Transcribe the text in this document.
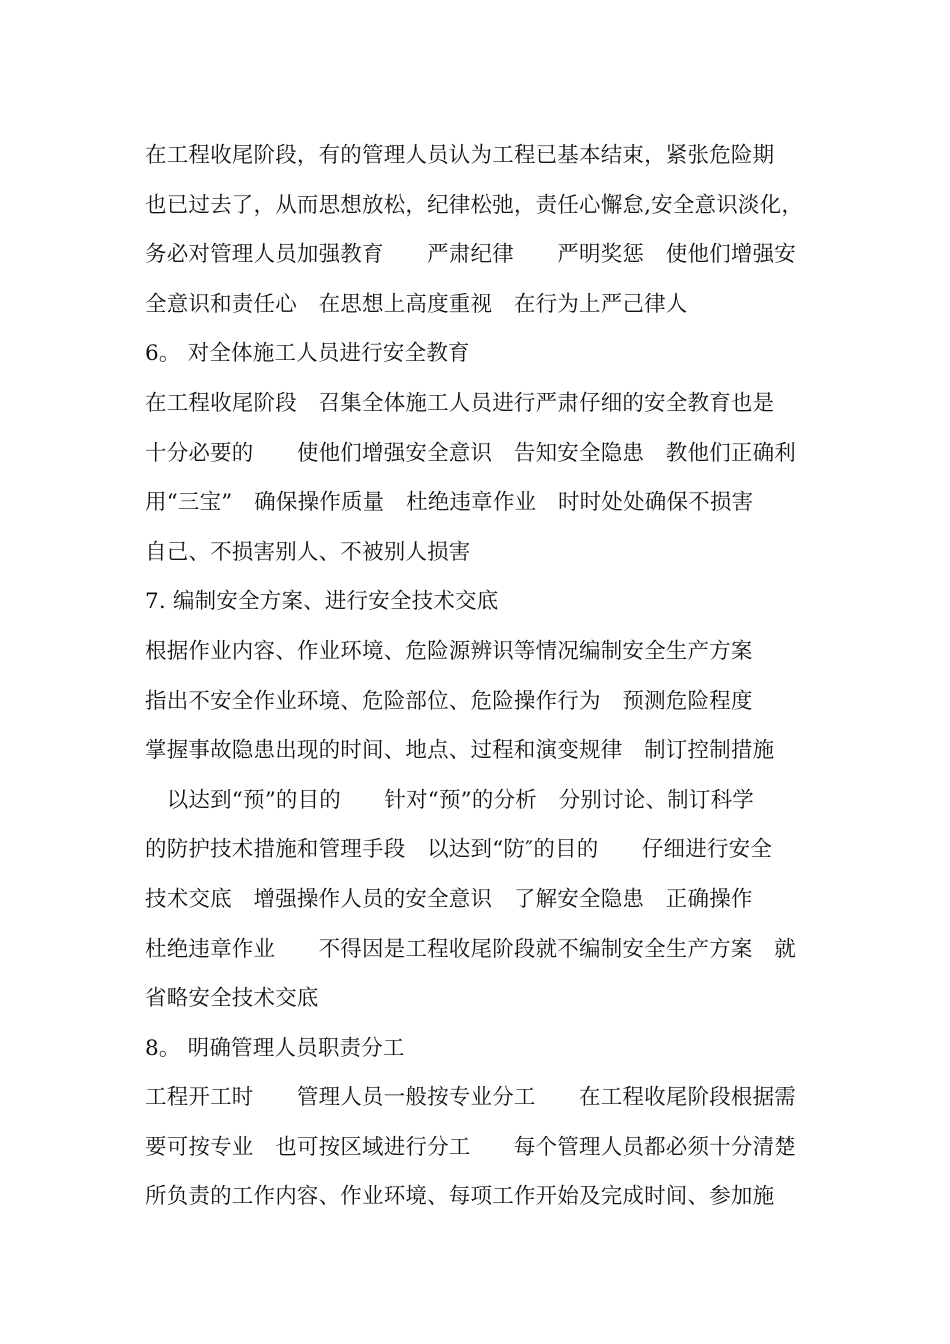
在工程收尾阶段，有的管理人员认为工程已基本结束，紧张危险期
也已过去了，从而思想放松，纪律松弛，责任心懈怠,安全意识淡化，
务必对管理人员加强教育　　严肃纪律　　严明奖惩　使他们增强安
全意识和责任心　在思想上高度重视　在行为上严己律人
6。 对全体施工人员进行安全教育
在工程收尾阶段　召集全体施工人员进行严肃仔细的安全教育也是
十分必要的　　使他们增强安全意识　告知安全隐患　教他们正确利
用“三宝”　确保操作质量　杜绝违章作业　时时处处确保不损害
自己、不损害别人、不被别人损害
7. 编制安全方案、进行安全技术交底
根据作业内容、作业环境、危险源辨识等情况编制安全生产方案
指出不安全作业环境、危险部位、危险操作行为　预测危险程度
掌握事故隐患出现的时间、地点、过程和演变规律　制订控制措施
　以达到“预”的目的　　针对“预”的分析　分别讨论、制订科学
的防护技术措施和管理手段　以达到“防″的目的　　仔细进行安全
技术交底　增强操作人员的安全意识　了解安全隐患　正确操作
杜绝违章作业　　不得因是工程收尾阶段就不编制安全生产方案　就
省略安全技术交底
8。 明确管理人员职责分工
工程开工时　　管理人员一般按专业分工　　在工程收尾阶段根据需
要可按专业　也可按区域进行分工　　每个管理人员都必须十分清楚
所负责的工作内容、作业环境、每项工作开始及完成时间、参加施
